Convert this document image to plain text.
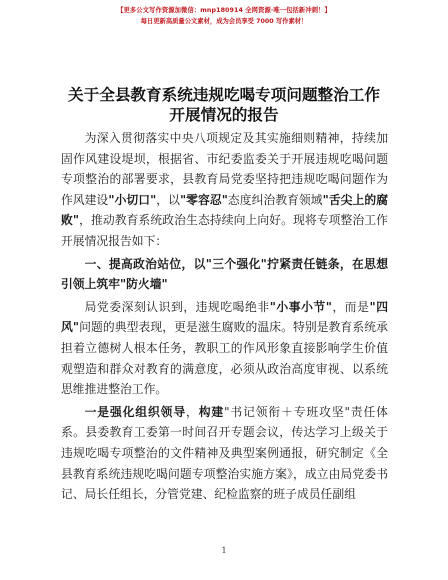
【更多公文写作资源加微信：mnp180914 全网资源·唯一包括新冲刺！】
每日更新高质量公文素材，成为会员享受 7000 写作素材！
关于全县教育系统违规吃喝专项问题整治工作
开展情况的报告

为深入贯彻落实中央八项规定及其实施细则精神，持续加固作风建设堤坝，根据省、市纪委监委关于开展违规吃喝问题专项整治的部署要求，县教育局党委坚持把违规吃喝问题作为作风建设"小切口"，以"零容忍"态度纠治教育领域"舌尖上的腐败"，推动教育系统政治生态持续向上向好。现将专项整治工作开展情况报告如下：

一、提高政治站位，以"三个强化"拧紧责任链条，在思想引领上筑牢"防火墙"

局党委深刻认识到，违规吃喝绝非"小事小节"，而是"四风"问题的典型表现，更是滋生腐败的温床。特别是教育系统承担着立德树人根本任务，教职工的作风形象直接影响学生价值观塑造和群众对教育的满意度，必须从政治高度审视、以系统思维推进整治工作。

一是强化组织领导，构建"书记领衔＋专班攻坚"责任体系。县委教育工委第一时间召开专题会议，传达学习上级关于违规吃喝专项整治的文件精神及典型案例通报，研究制定《全县教育系统违规吃喝问题专项整治实施方案》，成立由局党委书记、局长任组长，分管党建、纪检监察的班子成员任副组

1
